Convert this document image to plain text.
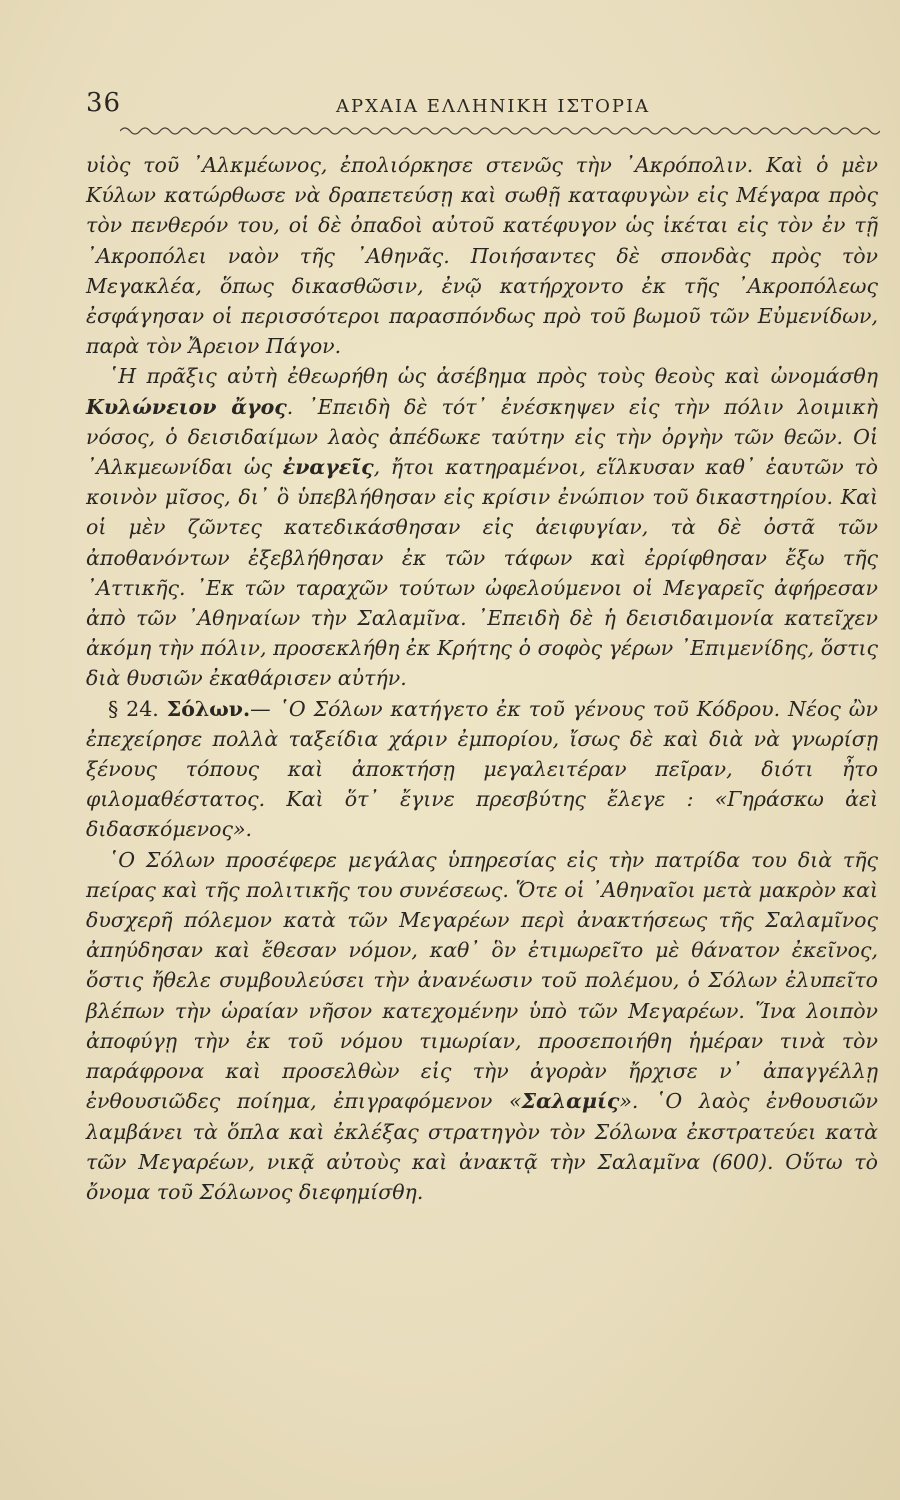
36	ΑΡΧΑΙΑ ΕΛΛΗΝΙΚΗ ΙΣΤΟΡΙΑ

υἱὸς τοῦ ᾿Αλκμέωνος, ἐπολιόρκησε στενῶς τὴν ᾿Ακρόπολιν. Καὶ ὁ μὲν Κύλων κατώρθωσε νὰ δραπετεύσῃ καὶ σωθῇ καταφυγὼν εἰς Μέγαρα πρὸς τὸν πενθερόν του, οἱ δὲ ὀπαδοὶ αὐτοῦ κατέφυγον ὡς ἱκέται εἰς τὸν ἐν τῇ ᾿Ακροπόλει ναὸν τῆς ᾿Αθηνᾶς. Ποιήσαντες δὲ σπονδὰς πρὸς τὸν Μεγακλέα, ὅπως δικασθῶσιν, ἐνῷ κατήρχοντο ἐκ τῆς ᾿Ακροπόλεως ἐσφάγησαν οἱ περισσότεροι παρασπόνδως πρὸ τοῦ βωμοῦ τῶν Εὐμενίδων, παρὰ τὸν Ἄρειον Πάγον.

῾Η πρᾶξις αὐτὴ ἐθεωρήθη ὡς ἀσέβημα πρὸς τοὺς θεοὺς καὶ ὠνομάσθη Κυλώνειον ἄγος. ᾿Επειδὴ δὲ τότ᾿ ἐνέσκηψεν εἰς τὴν πόλιν λοιμικὴ νόσος, ὁ δεισιδαίμων λαὸς ἀπέδωκε ταύτην εἰς τὴν ὀργὴν τῶν θεῶν. Οἱ ᾿Αλκμεωνίδαι ὡς ἐναγεῖς, ἤτοι κατηραμένοι, εἵλκυσαν καθ᾿ ἑαυτῶν τὸ κοινὸν μῖσος, δι᾿ ὃ ὑπεβλήθησαν εἰς κρίσιν ἐνώπιον τοῦ δικαστηρίου. Καὶ οἱ μὲν ζῶντες κατεδικάσθησαν εἰς ἀειφυγίαν, τὰ δὲ ὀστᾶ τῶν ἀποθανόντων ἐξεβλήθησαν ἐκ τῶν τάφων καὶ ἐρρίφθησαν ἔξω τῆς ᾿Αττικῆς. ᾿Εκ τῶν ταραχῶν τούτων ὠφελούμενοι οἱ Μεγαρεῖς ἀφήρεσαν ἀπὸ τῶν ᾿Αθηναίων τὴν Σαλαμῖνα. ᾿Επειδὴ δὲ ἡ δεισιδαιμονία κατεῖχεν ἀκόμη τὴν πόλιν, προσεκλήθη ἐκ Κρήτης ὁ σοφὸς γέρων ᾿Επιμενίδης, ὅστις διὰ θυσιῶν ἐκαθάρισεν αὐτήν.

§ 24. Σόλων.— ῾Ο Σόλων κατήγετο ἐκ τοῦ γένους τοῦ Κόδρου. Νέος ὢν ἐπεχείρησε πολλὰ ταξείδια χάριν ἐμπορίου, ἴσως δὲ καὶ διὰ νὰ γνωρίσῃ ξένους τόπους καὶ ἀποκτήσῃ μεγαλειτέραν πεῖραν, διότι ἦτο φιλομαθέστατος. Καὶ ὅτ᾿ ἔγινε πρεσβύτης ἔλεγε : «Γηράσκω ἀεὶ διδασκόμενος».

῾Ο Σόλων προσέφερε μεγάλας ὑπηρεσίας εἰς τὴν πατρίδα του διὰ τῆς πείρας καὶ τῆς πολιτικῆς του συνέσεως. Ὅτε οἱ ᾿Αθηναῖοι μετὰ μακρὸν καὶ δυσχερῆ πόλεμον κατὰ τῶν Μεγαρέων περὶ ἀνακτήσεως τῆς Σαλαμῖνος ἀπηύδησαν καὶ ἔθεσαν νόμον, καθ᾿ ὃν ἐτιμωρεῖτο μὲ θάνατον ἐκεῖνος, ὅστις ἤθελε συμβουλεύσει τὴν ἀνανέωσιν τοῦ πολέμου, ὁ Σόλων ἐλυπεῖτο βλέπων τὴν ὡραίαν νῆσον κατεχομένην ὑπὸ τῶν Μεγαρέων. Ἵνα λοιπὸν ἀποφύγῃ τὴν ἐκ τοῦ νόμου τιμωρίαν, προσεποιήθη ἡμέραν τινὰ τὸν παράφρονα καὶ προσελθὼν εἰς τὴν ἀγορὰν ἤρχισε ν᾿ ἀπαγγέλλῃ ἐνθουσιῶδες ποίημα, ἐπιγραφόμενον «Σαλαμίς». ῾Ο λαὸς ἐνθουσιῶν λαμβάνει τὰ ὅπλα καὶ ἐκλέξας στρατηγὸν τὸν Σόλωνα ἐκστρατεύει κατὰ τῶν Μεγαρέων, νικᾷ αὐτοὺς καὶ ἀνακτᾷ τὴν Σαλαμῖνα (600). Οὕτω τὸ ὄνομα τοῦ Σόλωνος διεφημίσθη.
